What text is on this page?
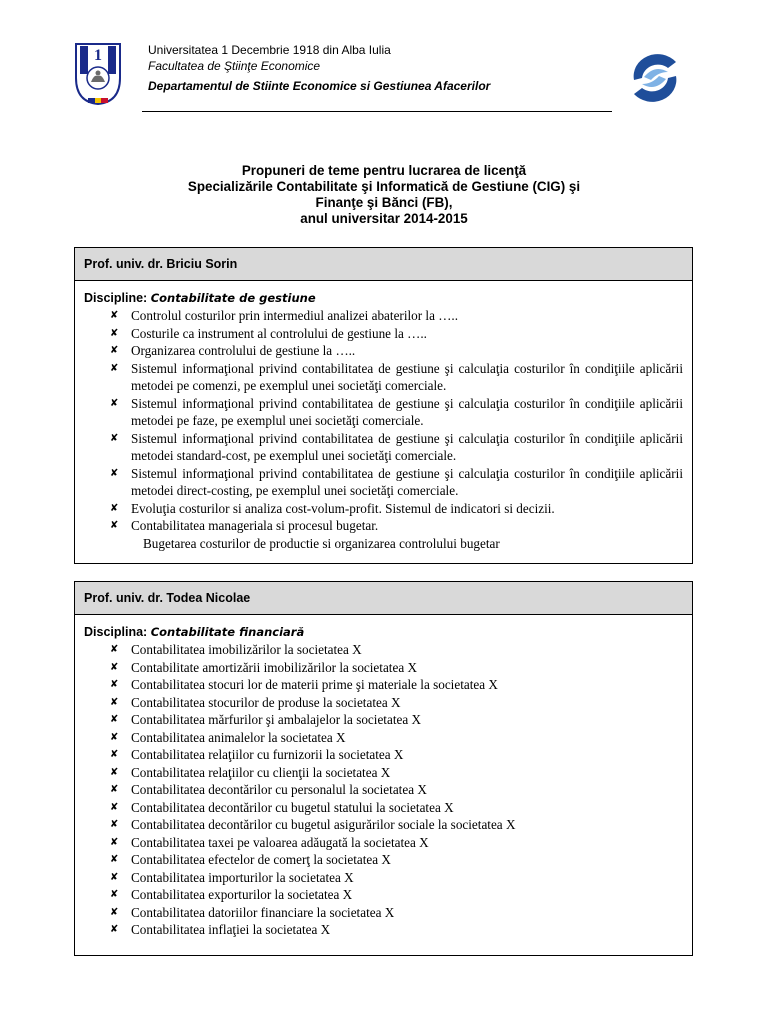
1	Universitatea 1 Decembrie 1918 din Alba Iulia
Facultatea de Ştiinţe Economice
Departamentul de Stiinte Economice si Gestiunea Afacerilor
Propuneri de teme pentru lucrarea de licenţă
Specializările Contabilitate şi Informatică de Gestiune (CIG) şi
Finanţe şi Bănci (FB),
anul universitar 2014-2015
Prof. univ. dr. Briciu Sorin
Discipline: Contabilitate de gestiune
✘ Controlul costurilor prin intermediul analizei abaterilor la …..
✘ Costurile ca instrument al controlului de gestiune la …..
✘ Organizarea controlului de gestiune la …..
✘ Sistemul informaţional privind contabilitatea de gestiune şi calculaţia costurilor în condiţiile aplicării metodei pe comenzi, pe exemplul unei societăţi comerciale.
✘ Sistemul informaţional privind contabilitatea de gestiune şi calculaţia costurilor în condiţiile aplicării metodei pe faze, pe exemplul unei societăţi comerciale.
✘ Sistemul informaţional privind contabilitatea de gestiune şi calculaţia costurilor în condiţiile aplicării metodei standard-cost, pe exemplul unei societăţi comerciale.
✘ Sistemul informaţional privind contabilitatea de gestiune şi calculaţia costurilor în condiţiile aplicării metodei direct-costing, pe exemplul unei societăţi comerciale.
✘ Evoluţia costurilor si analiza cost-volum-profit. Sistemul de indicatori si decizii.
✘ Contabilitatea manageriala si procesul bugetar.
Bugetarea costurilor de productie si organizarea controlului bugetar
Prof. univ. dr. Todea Nicolae
Disciplina: Contabilitate financiară
✘ Contabilitatea imobilizărilor la societatea X
✘ Contabilitate amortizării imobilizărilor la societatea X
✘ Contabilitatea stocuri lor de materii prime şi materiale la societatea X
✘ Contabilitatea stocurilor de produse la societatea X
✘ Contabilitatea mărfurilor şi ambalajelor la societatea X
✘ Contabilitatea animalelor la societatea X
✘ Contabilitatea relaţiilor cu furnizorii la societatea X
✘ Contabilitatea relaţiilor cu clienţii la societatea X
✘ Contabilitatea decontărilor cu personalul la societatea X
✘ Contabilitatea decontărilor cu bugetul statului la societatea X
✘ Contabilitatea decontărilor cu bugetul asigurărilor sociale la societatea X
✘ Contabilitatea taxei pe valoarea adăugată la societatea X
✘ Contabilitatea efectelor de comerţ la societatea X
✘ Contabilitatea importurilor la societatea X
✘ Contabilitatea exporturilor la societatea X
✘ Contabilitatea datoriilor financiare la societatea X
✘ Contabilitatea inflaţiei la societatea X
